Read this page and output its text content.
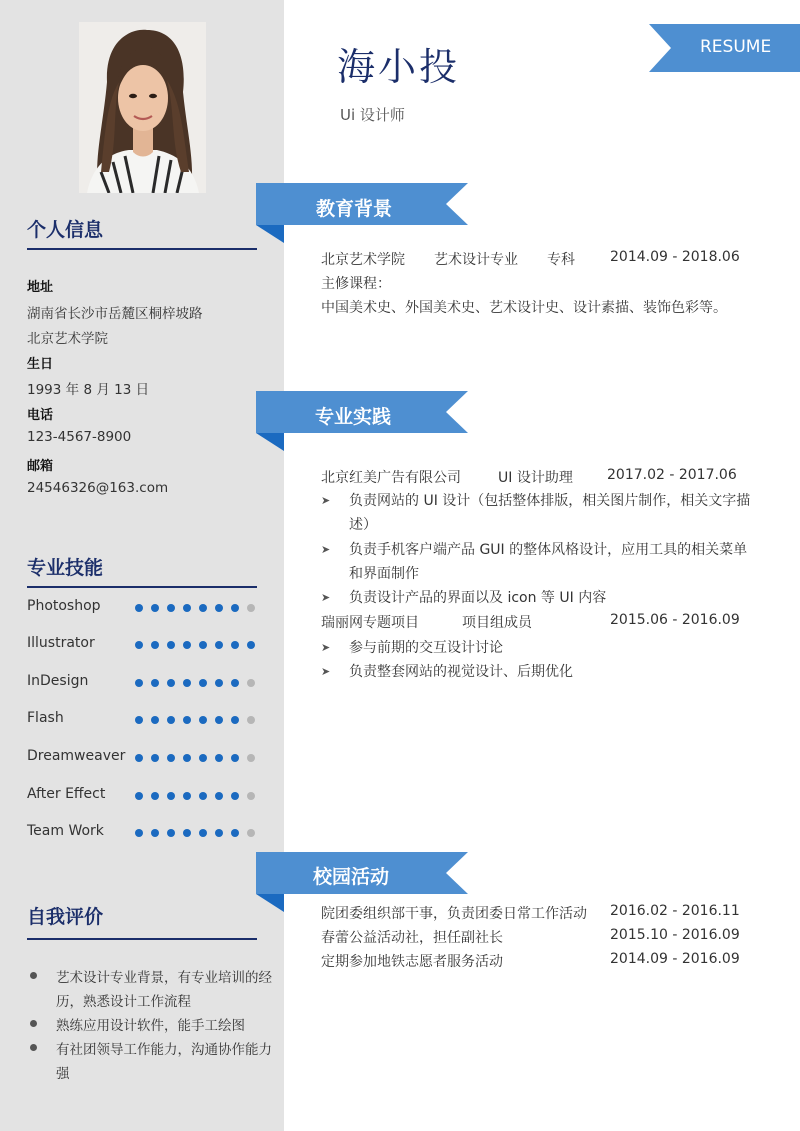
个人信息
地址
湖南省长沙市岳麓区桐梓坡路
北京艺术学院
生日
1993 年 8 月 13 日
电话
123-4567-8900
邮箱
24546326@163.com
专业技能
Photoshop
Illustrator
InDesign
Flash
Dreamweaver
After Effect
Team Work
自我评价
艺术设计专业背景，有专业培训的经历，熟悉设计工作流程
熟练应用设计软件，能手工绘图
有社团领导工作能力，沟通协作能力强
海小投
Ui 设计师
RESUME
教育背景
北京艺术学院 艺术设计专业 专科	2014.09 - 2018.06
主修课程：
中国美术史、外国美术史、艺术设计史、设计素描、装饰色彩等。
专业实践
北京红美广告有限公司	UI 设计助理 2017.02 - 2017.06
➤ 负责网站的 UI 设计（包括整体排版，相关图片制作，相关文字描述）
➤ 负责手机客户端产品 GUI 的整体风格设计，应用工具的相关菜单和界面制作
➤ 负责设计产品的界面以及 icon 等 UI 内容
瑞丽网专题项目	项目组成员	2015.06 - 2016.09
➤ 参与前期的交互设计讨论
➤ 负责整套网站的视觉设计、后期优化
校园活动
院团委组织部干事，负责团委日常工作活动 2016.02 - 2016.11
春蕾公益活动社，担任副社长	2015.10 - 2016.09
定期参加地铁志愿者服务活动	2014.09 - 2016.09
